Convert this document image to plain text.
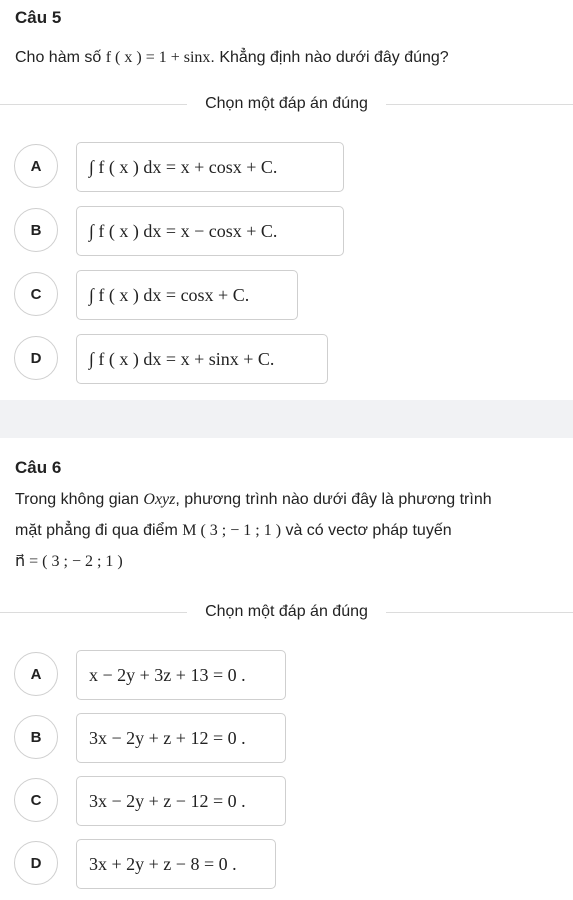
Câu 5
Cho hàm số f ( x ) = 1 + sinx. Khẳng định nào dưới đây đúng?
Chọn một đáp án đúng
A	∫ f ( x ) dx = x + cosx + C.
B	∫ f ( x ) dx = x − cosx + C.
C	∫ f ( x ) dx = cosx + C.
D	∫ f ( x ) dx = x + sinx + C.
Câu 6
Trong không gian Oxyz, phương trình nào dưới đây là phương trình
mặt phẳng đi qua điểm M ( 3 ; − 1 ; 1 ) và có vectơ pháp tuyến
n⃗ = ( 3 ; − 2 ; 1 )
Chọn một đáp án đúng
A	x − 2y + 3z + 13 = 0 .
B	3x − 2y + z + 12 = 0 .
C	3x − 2y + z − 12 = 0 .
D	3x + 2y + z − 8 = 0 .
